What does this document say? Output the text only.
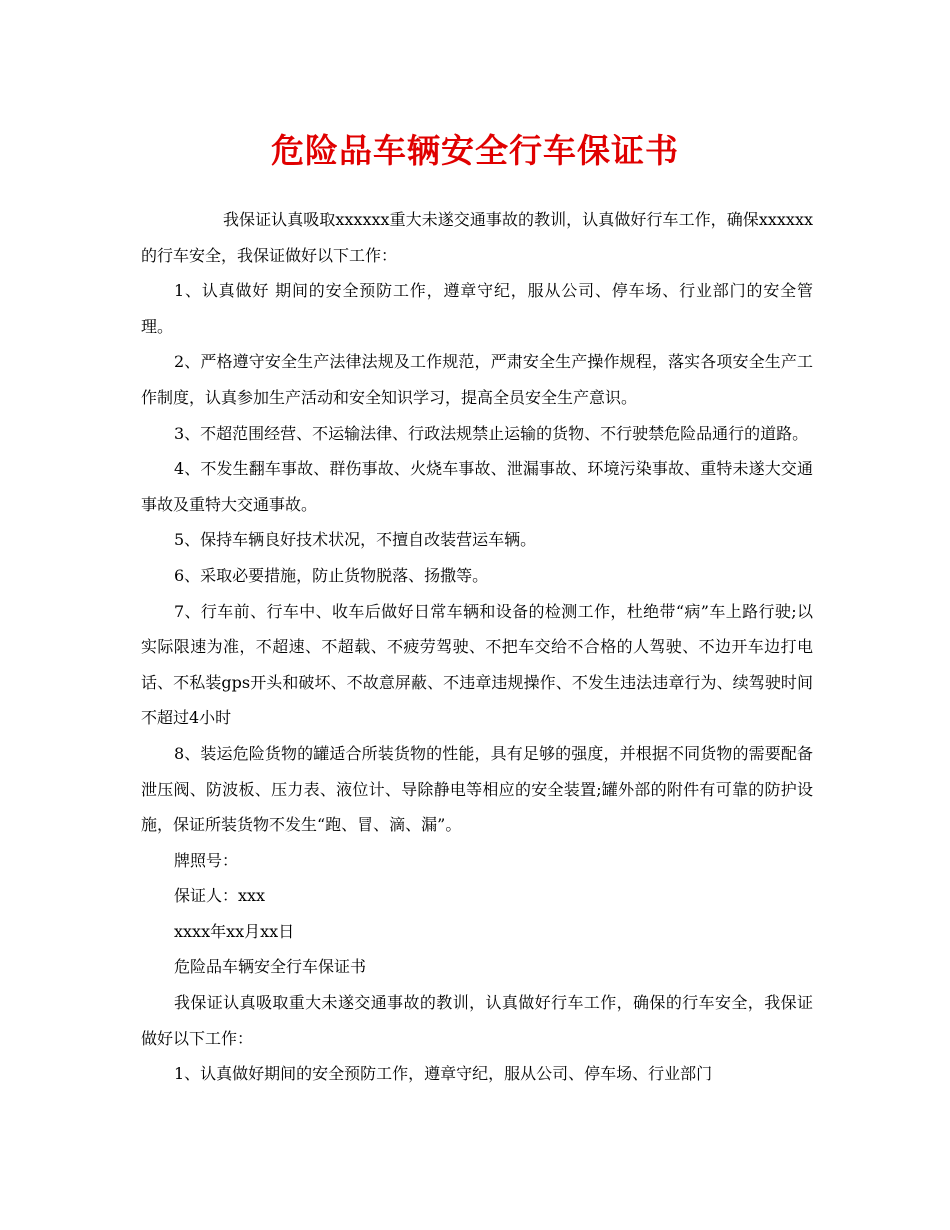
危险品车辆安全行车保证书

我保证认真吸取xxxxxx重大未遂交通事故的教训，认真做好行车工作，确保xxxxxx的行车安全，我保证做好以下工作：

1、认真做好 期间的安全预防工作，遵章守纪，服从公司、停车场、行业部门的安全管理。

2、严格遵守安全生产法律法规及工作规范，严肃安全生产操作规程，落实各项安全生产工作制度，认真参加生产活动和安全知识学习，提高全员安全生产意识。

3、不超范围经营、不运输法律、行政法规禁止运输的货物、不行驶禁危险品通行的道路。

4、不发生翻车事故、群伤事故、火烧车事故、泄漏事故、环境污染事故、重特未遂大交通事故及重特大交通事故。

5、保持车辆良好技术状况，不擅自改装营运车辆。

6、采取必要措施，防止货物脱落、扬撒等。

7、行车前、行车中、收车后做好日常车辆和设备的检测工作，杜绝带“病”车上路行驶;以实际限速为准，不超速、不超载、不疲劳驾驶、不把车交给不合格的人驾驶、不边开车边打电话、不私装gps开头和破坏、不故意屏蔽、不违章违规操作、不发生违法违章行为、续驾驶时间不超过4小时

8、装运危险货物的罐适合所装货物的性能，具有足够的强度，并根据不同货物的需要配备泄压阀、防波板、压力表、液位计、导除静电等相应的安全装置;罐外部的附件有可靠的防护设施，保证所装货物不发生“跑、冒、滴、漏”。

牌照号：

保证人：xxx

xxxx年xx月xx日

危险品车辆安全行车保证书

我保证认真吸取重大未遂交通事故的教训，认真做好行车工作，确保的行车安全，我保证做好以下工作：

1、认真做好期间的安全预防工作，遵章守纪，服从公司、停车场、行业部门
